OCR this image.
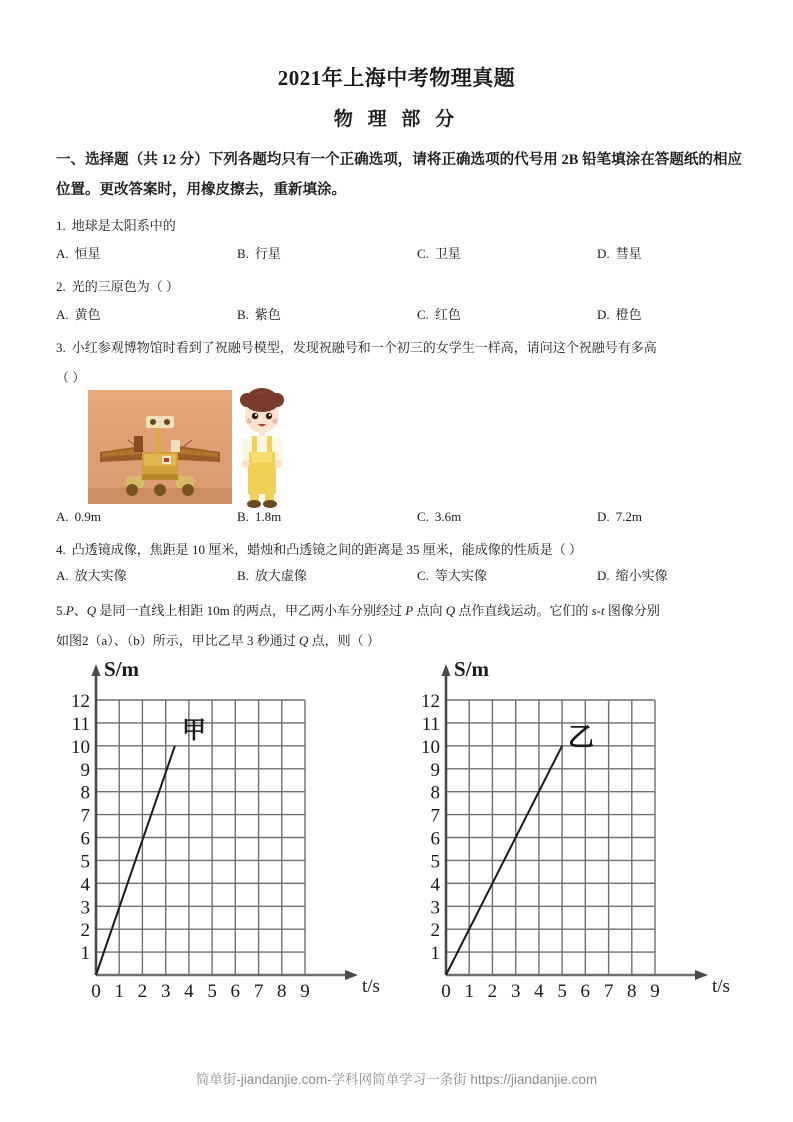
2021年上海中考物理真题
物 理 部 分
一、选择题（共 12 分）下列各题均只有一个正确选项，请将正确选项的代号用 2B 铅笔填涂在答题纸的相应位置。更改答案时，用橡皮擦去，重新填涂。
1. 地球是太阳系中的
A. 恒星	B. 行星	C. 卫星	D. 彗星
2. 光的三原色为（ ）
A. 黄色	B. 紫色	C. 红色	D. 橙色
3. 小红参观博物馆时看到了祝融号模型，发现祝融号和一个初三的女学生一样高，请问这个祝融号有多高
（ ）
A. 0.9m	B. 1.8m	C. 3.6m	D. 7.2m
4. 凸透镜成像，焦距是 10 厘米，蜡烛和凸透镜之间的距离是 35 厘米，能成像的性质是（ ）
A. 放大实像	B. 放大虚像	C. 等大实像	D. 缩小实像
5.P、Q 是同一直线上相距 10m 的两点，甲乙两小车分别经过 P 点向 Q 点作直线运动。它们的 s-t 图像分别
如图2（a）、（b）所示，甲比乙早 3 秒通过 Q 点，则（ ）
S/m
t/s
12
11
10
9
8
7
6
5
4
3
2
1
0 1 2 3 4 5 6 7 8 9
甲
S/m
t/s
12
11
10
9
8
7
6
5
4
3
2
1
0 1 2 3 4 5 6 7 8 9
乙
简单街-jiandanjie.com-学科网简单学习一条街 https://jiandanjie.com
